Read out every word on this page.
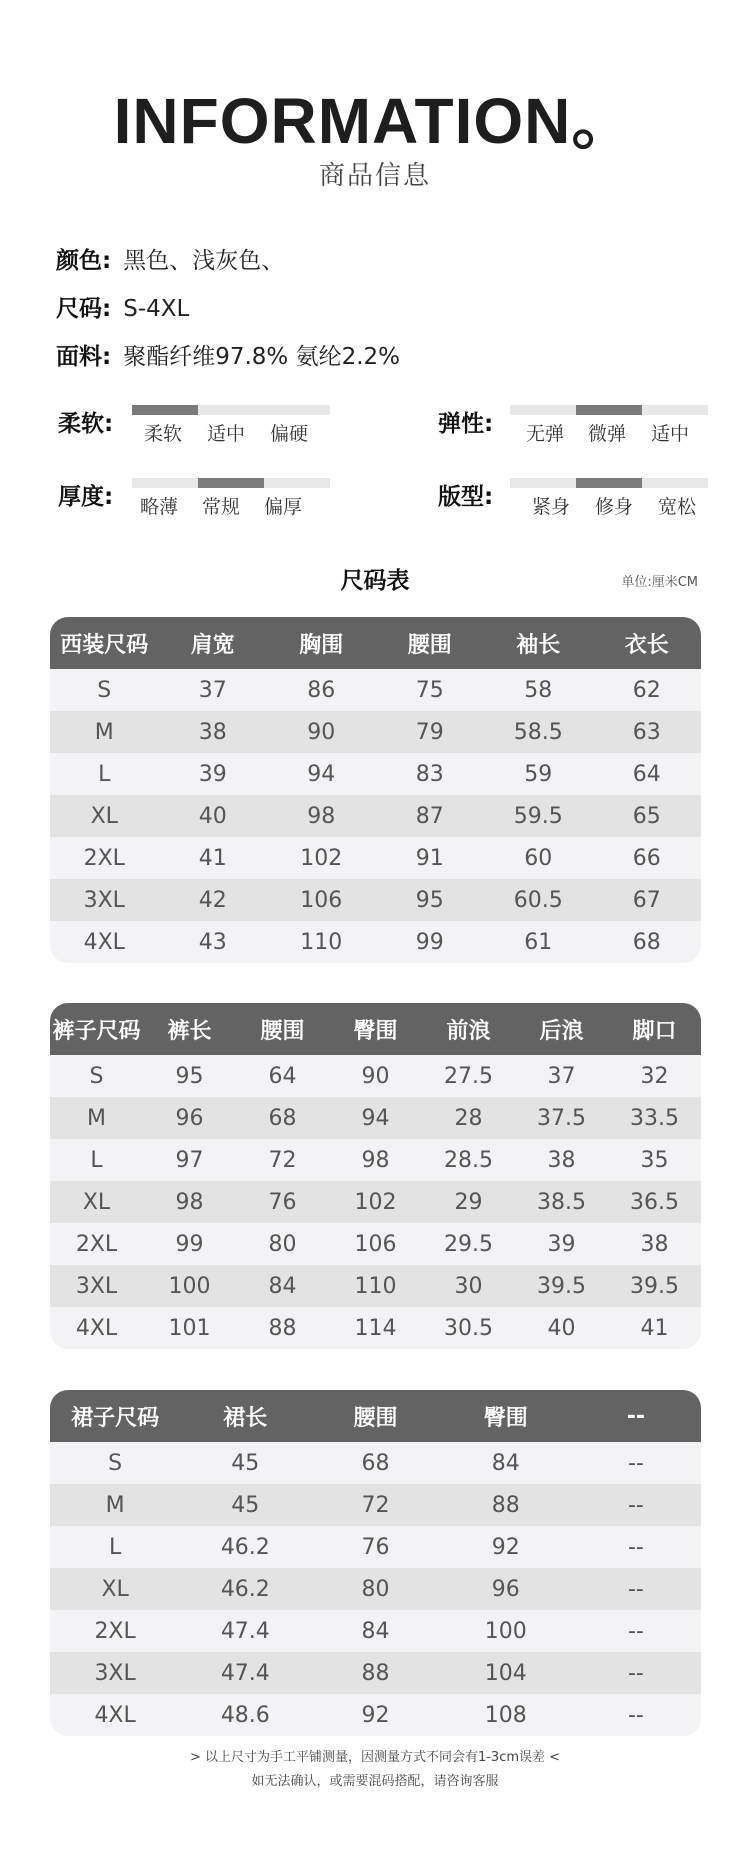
INFORMATION。
商品信息
颜色: 黑色、浅灰色、
尺码: S-4XL
面料: 聚酯纤维97.8% 氨纶2.2%
柔软: 柔软 适中 偏硬	弹性: 无弹 微弹 适中
厚度: 略薄 常规 偏厚	版型: 紧身 修身 宽松
尺码表	单位:厘米CM
西装尺码	肩宽	胸围	腰围	袖长	衣长
S	37	86	75	58	62
M	38	90	79	58.5	63
L	39	94	83	59	64
XL	40	98	87	59.5	65
2XL	41	102	91	60	66
3XL	42	106	95	60.5	67
4XL	43	110	99	61	68
裤子尺码	裤长	腰围	臀围	前浪	后浪	脚口
S	95	64	90	27.5	37	32
M	96	68	94	28	37.5	33.5
L	97	72	98	28.5	38	35
XL	98	76	102	29	38.5	36.5
2XL	99	80	106	29.5	39	38
3XL	100	84	110	30	39.5	39.5
4XL	101	88	114	30.5	40	41
裙子尺码	裙长	腰围	臀围	--
S	45	68	84	--
M	45	72	88	--
L	46.2	76	92	--
XL	46.2	80	96	--
2XL	47.4	84	100	--
3XL	47.4	88	104	--
4XL	48.6	92	108	--
> 以上尺寸为手工平铺测量，因测量方式不同会有1-3cm误差 <
如无法确认，或需要混码搭配，请咨询客服
